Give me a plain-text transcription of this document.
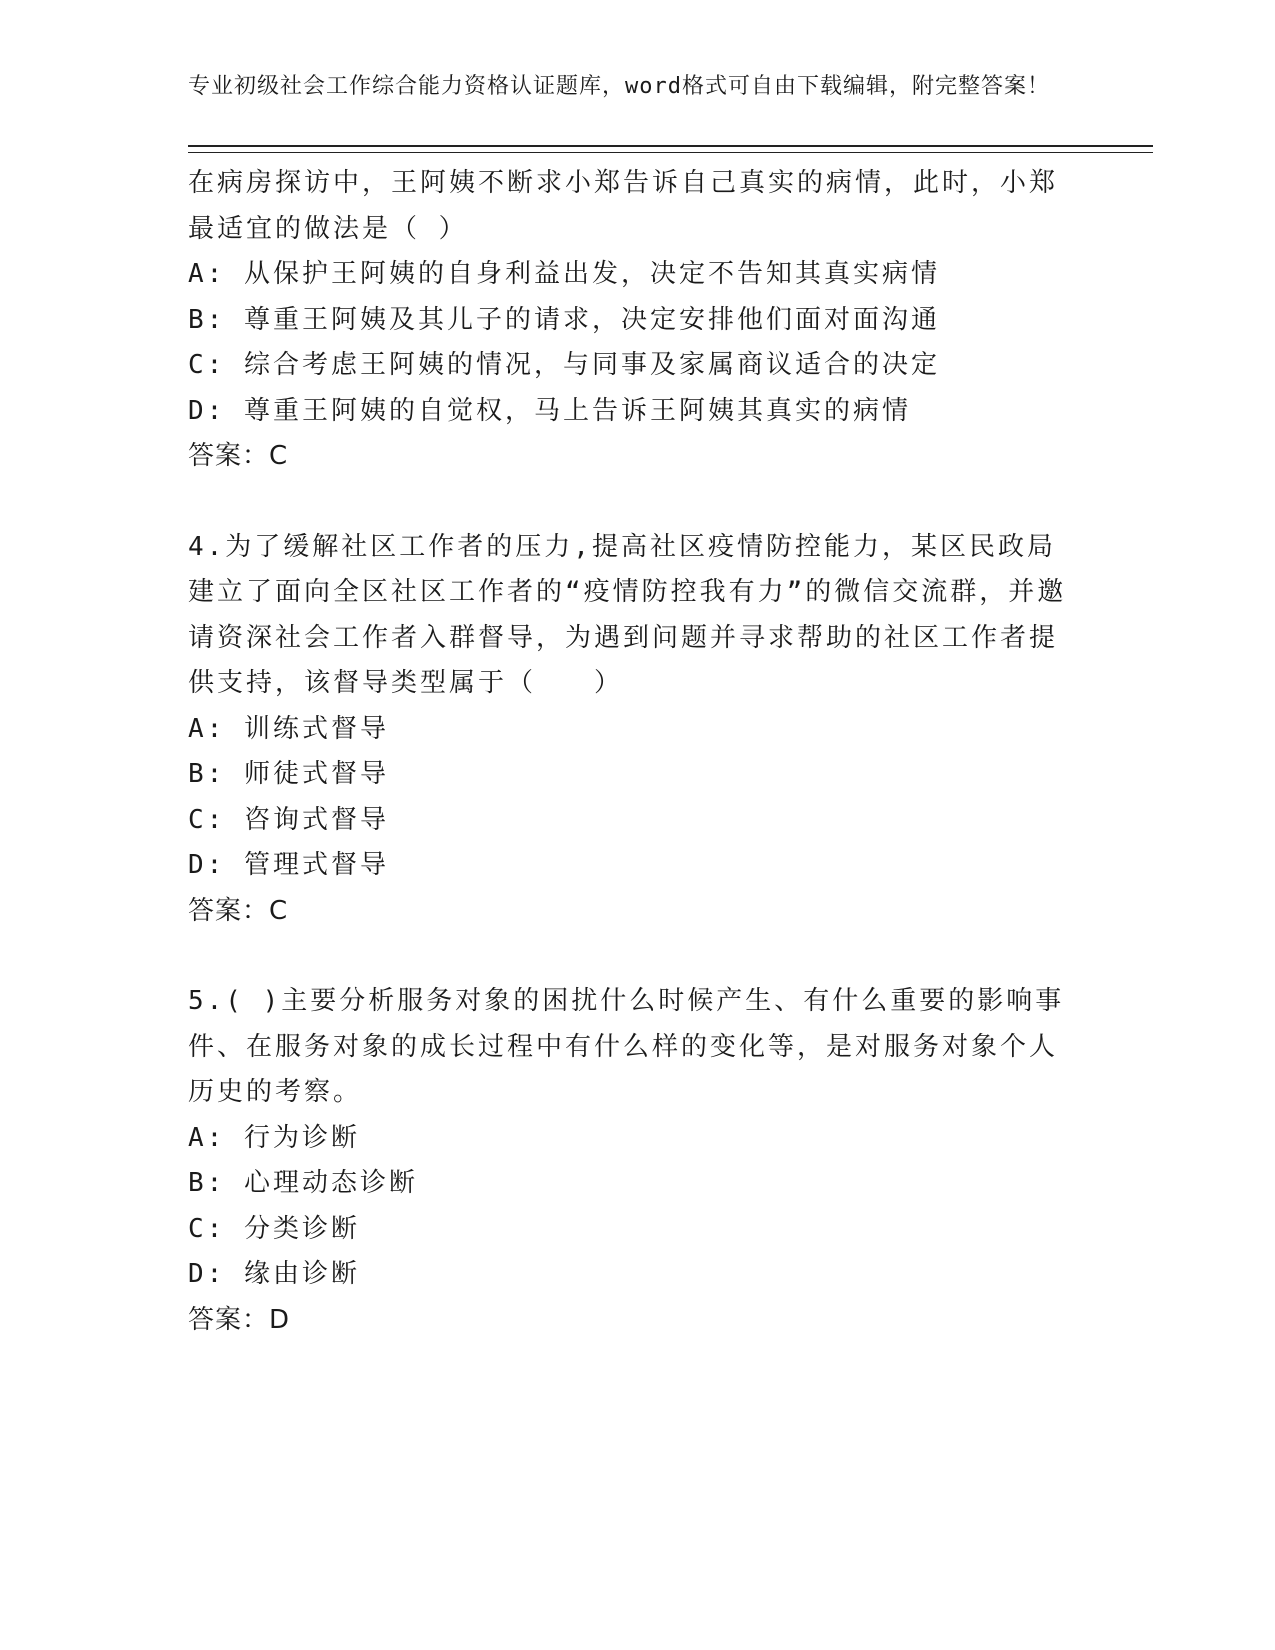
专业初级社会工作综合能力资格认证题库，word格式可自由下载编辑，附完整答案！

在病房探访中，王阿姨不断求小郑告诉自己真实的病情，此时，小郑最适宜的做法是（ ）

A: 从保护王阿姨的自身利益出发，决定不告知其真实病情

B: 尊重王阿姨及其儿子的请求，决定安排他们面对面沟通

C: 综合考虑王阿姨的情况，与同事及家属商议适合的决定

D: 尊重王阿姨的自觉权，马上告诉王阿姨其真实的病情

答案：C

4.为了缓解社区工作者的压力,提高社区疫情防控能力，某区民政局建立了面向全区社区工作者的“疫情防控我有力”的微信交流群，并邀请资深社会工作者入群督导，为遇到问题并寻求帮助的社区工作者提供支持，该督导类型属于（　　）

A: 训练式督导

B: 师徒式督导

C: 咨询式督导

D: 管理式督导

答案：C

5.( )主要分析服务对象的困扰什么时候产生、有什么重要的影响事件、在服务对象的成长过程中有什么样的变化等，是对服务对象个人历史的考察。

A: 行为诊断

B: 心理动态诊断

C: 分类诊断

D: 缘由诊断

答案：D
